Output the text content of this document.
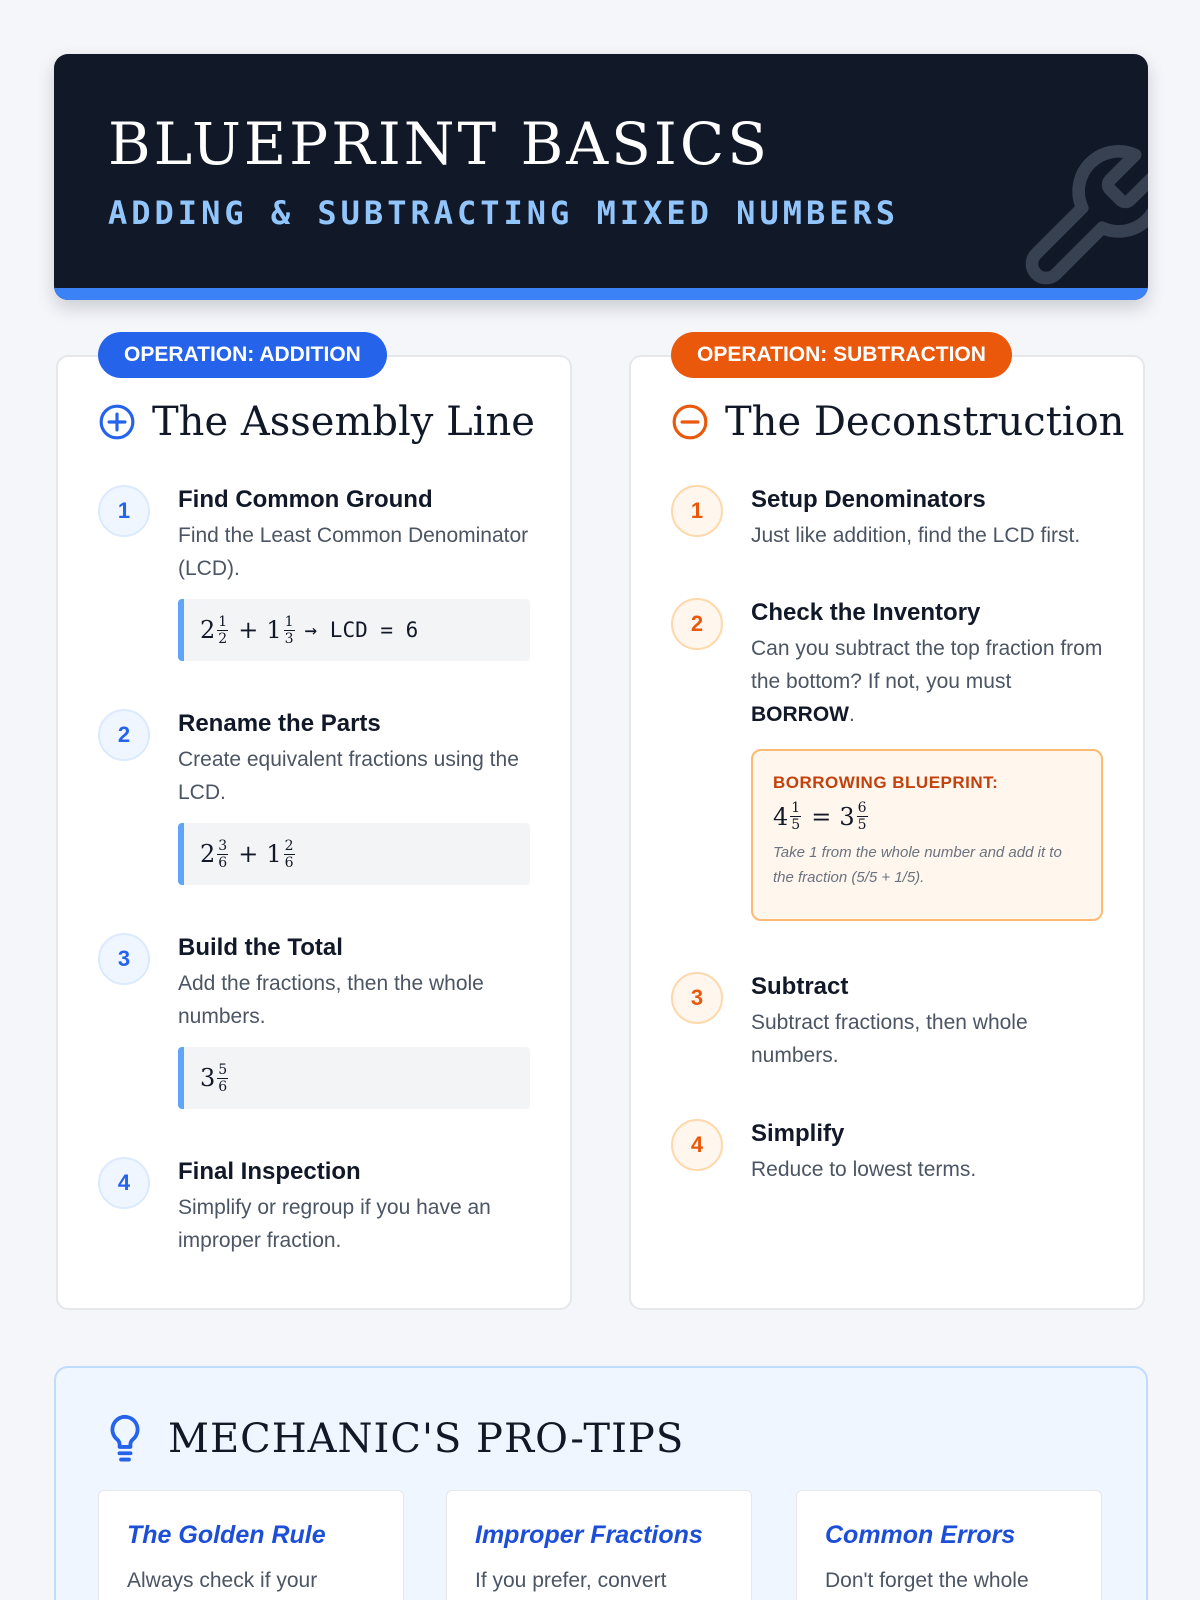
BLUEPRINT BASICS
ADDING & SUBTRACTING MIXED NUMBERS
OPERATION: ADDITION
The Assembly Line
1	Find Common Ground
Find the Least Common Denominator (LCD).
$2 \frac{1}{2} + 1 \frac{1}{3}$ → LCD = 6
2	Rename the Parts
Create equivalent fractions using the LCD.
$2 \frac{3}{6} + 1 \frac{2}{6}$
3	Build the Total
Add the fractions, then the whole numbers.
$3 \frac{5}{6}$
4	Final Inspection
Simplify or regroup if you have an improper fraction.
OPERATION: SUBTRACTION
The Deconstruction
1	Setup Denominators
Just like addition, find the LCD first.
2	Check the Inventory
Can you subtract the top fraction from the bottom? If not, you must BORROW.
BORROWING BLUEPRINT:
$4 \frac{1}{5} = 3 \frac{6}{5}$
Take 1 from the whole number and add it to the fraction (5/5 + 1/5).
3	Subtract
Subtract fractions, then whole numbers.
4	Simplify
Reduce to lowest terms.
MECHANIC'S PRO-TIPS
The Golden Rule
Always check if your
Improper Fractions
If you prefer, convert
Common Errors
Don't forget the whole
